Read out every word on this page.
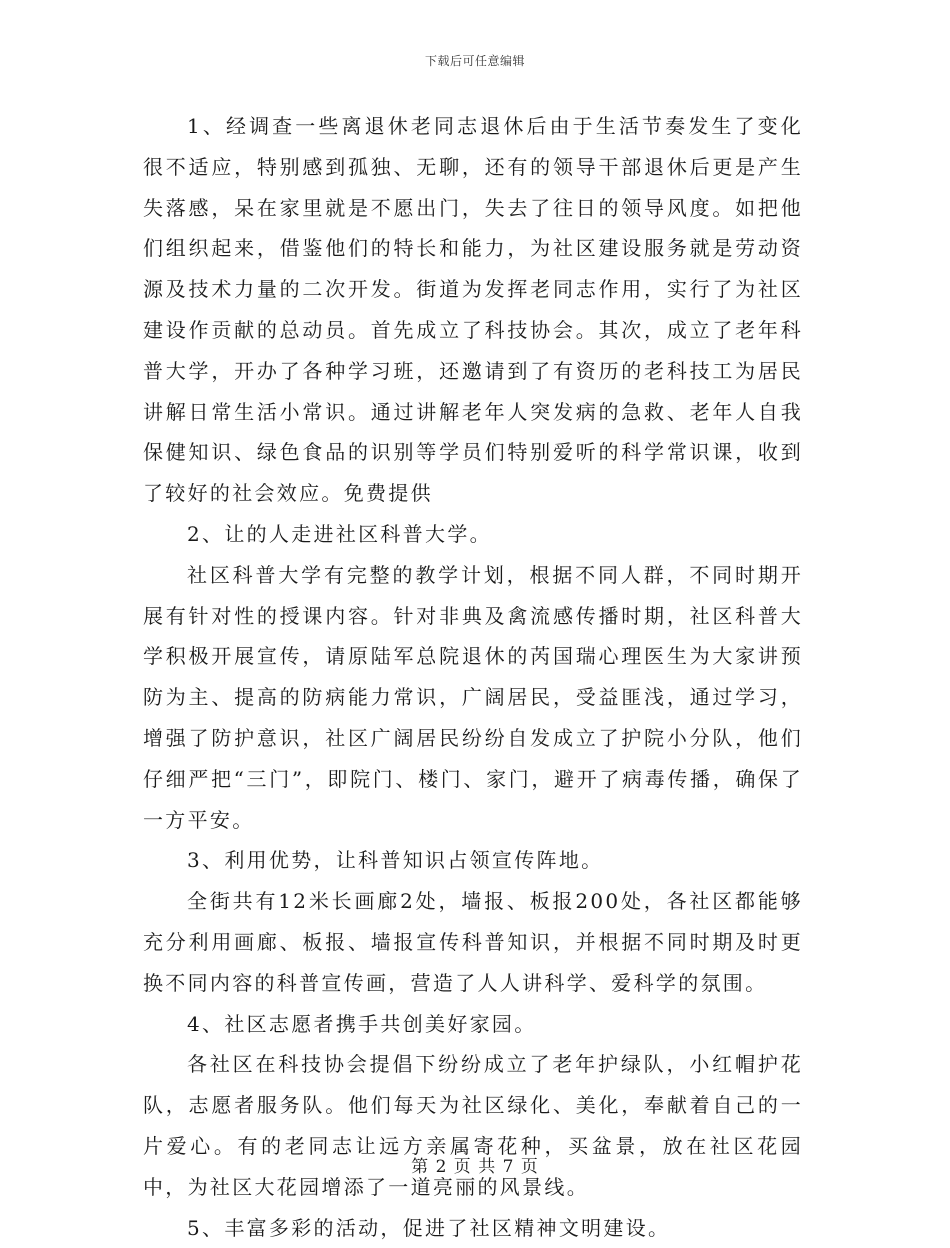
下载后可任意编辑

1、经调查一些离退休老同志退休后由于生活节奏发生了变化很不适应，特别感到孤独、无聊，还有的领导干部退休后更是产生失落感，呆在家里就是不愿出门，失去了往日的领导风度。如把他们组织起来，借鉴他们的特长和能力，为社区建设服务就是劳动资源及技术力量的二次开发。街道为发挥老同志作用，实行了为社区建设作贡献的总动员。首先成立了科技协会。其次，成立了老年科普大学，开办了各种学习班，还邀请到了有资历的老科技工为居民讲解日常生活小常识。通过讲解老年人突发病的急救、老年人自我保健知识、绿色食品的识别等学员们特别爱听的科学常识课，收到了较好的社会效应。免费提供

2、让的人走进社区科普大学。

社区科普大学有完整的教学计划，根据不同人群，不同时期开展有针对性的授课内容。针对非典及禽流感传播时期，社区科普大学积极开展宣传，请原陆军总院退休的芮国瑞心理医生为大家讲预防为主、提高的防病能力常识，广阔居民，受益匪浅，通过学习，增强了防护意识，社区广阔居民纷纷自发成立了护院小分队，他们仔细严把“三门”，即院门、楼门、家门，避开了病毒传播，确保了一方平安。

3、利用优势，让科普知识占领宣传阵地。

全街共有12米长画廊2处，墙报、板报200处，各社区都能够充分利用画廊、板报、墙报宣传科普知识，并根据不同时期及时更换不同内容的科普宣传画，营造了人人讲科学、爱科学的氛围。

4、社区志愿者携手共创美好家园。

各社区在科技协会提倡下纷纷成立了老年护绿队，小红帽护花队，志愿者服务队。他们每天为社区绿化、美化，奉献着自己的一片爱心。有的老同志让远方亲属寄花种，买盆景，放在社区花园中，为社区大花园增添了一道亮丽的风景线。

5、丰富多彩的活动，促进了社区精神文明建设。

第 2 页 共 7 页
